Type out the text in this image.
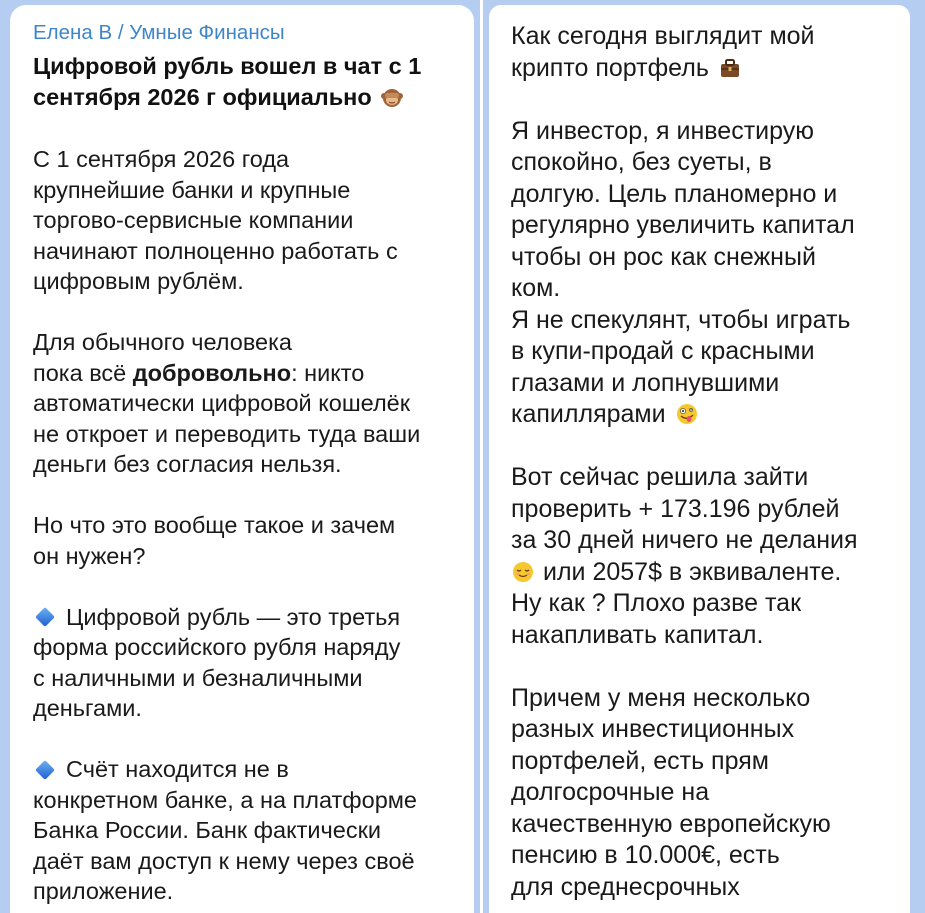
Елена В / Умные Финансы

Цифровой рубль вошел в чат с 1

сентября 2026 г официально

С 1 сентября 2026 года
крупнейшие банки и крупные
торгово-сервисные компании
начинают полноценно работать с
цифровым рублём.
Для обычного человека
пока всё добровольно: никто
автоматически цифровой кошелёк
не откроет и переводить туда ваши
деньги без согласия нельзя.
Но что это вообще такое и зачем
он нужен?
Цифровой рубль — это третья
форма российского рубля наряду
с наличными и безналичными
деньгами.
Счёт находится не в
конкретном банке, а на платформе
Банка России. Банк фактически
даёт вам доступ к нему через своё
приложение.
Как сегодня выглядит мой
крипто портфель
Я инвестор, я инвестирую
спокойно, без суеты, в
долгую. Цель планомерно и
регулярно увеличить капитал
чтобы он рос как снежный
ком.
Я не спекулянт, чтобы играть
в купи-продай с красными
глазами и лопнувшими
капиллярами
Вот сейчас решила зайти
проверить + 173.196 рублей
за 30 дней ничего не делания
или 2057$ в эквиваленте.
Ну как ? Плохо разве так
накапливать капитал.
Причем у меня несколько
разных инвестиционных
портфелей, есть прям
долгосрочные на
качественную европейскую
пенсию в 10.000€, есть
для среднесрочных
